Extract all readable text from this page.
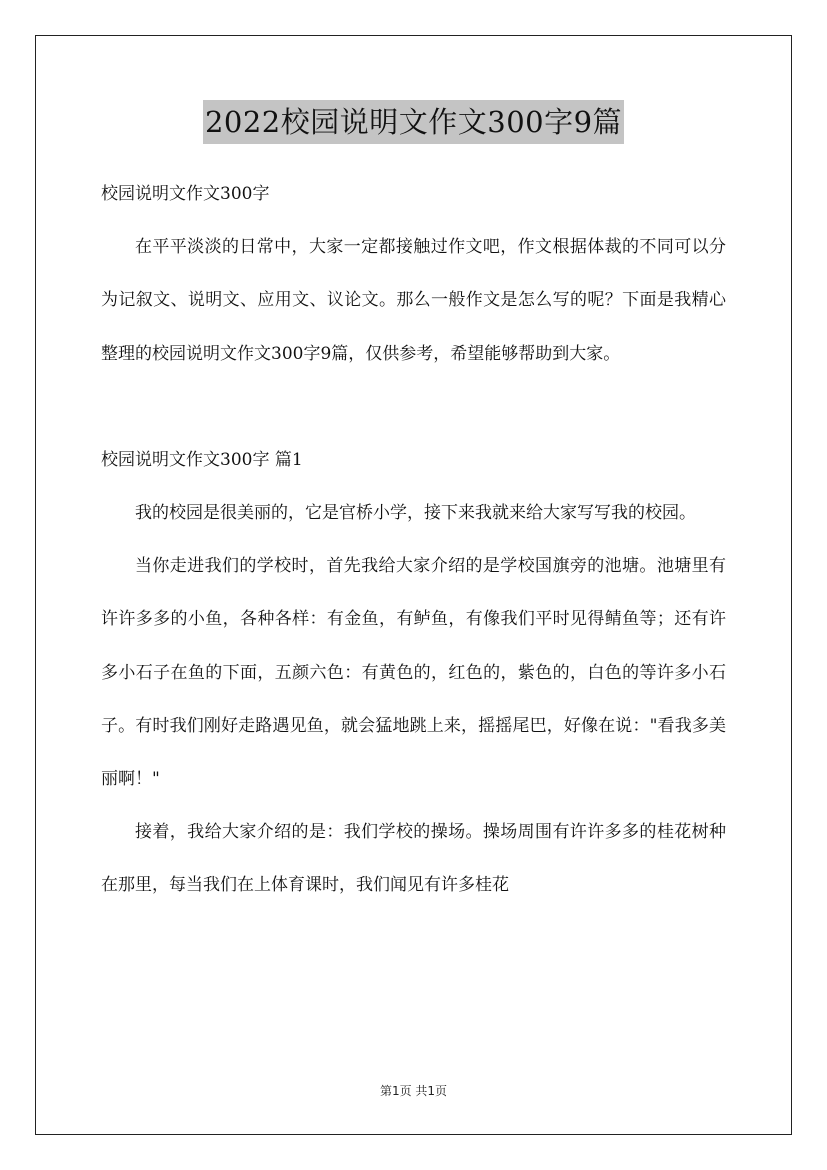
2022校园说明文作文300字9篇

校园说明文作文300字

在平平淡淡的日常中，大家一定都接触过作文吧，作文根据体裁的不同可以分为记叙文、说明文、应用文、议论文。那么一般作文是怎么写的呢？下面是我精心整理的校园说明文作文300字9篇，仅供参考，希望能够帮助到大家。

校园说明文作文300字 篇1

我的校园是很美丽的，它是官桥小学，接下来我就来给大家写写我的校园。

当你走进我们的学校时，首先我给大家介绍的是学校国旗旁的池塘。池塘里有许许多多的小鱼，各种各样：有金鱼，有鲈鱼，有像我们平时见得鲭鱼等；还有许多小石子在鱼的下面，五颜六色：有黄色的，红色的，紫色的，白色的等许多小石子。有时我们刚好走路遇见鱼，就会猛地跳上来，摇摇尾巴，好像在说："看我多美丽啊！"

接着，我给大家介绍的是：我们学校的操场。操场周围有许许多多的桂花树种在那里，每当我们在上体育课时，我们闻见有许多桂花

第1页 共1页
